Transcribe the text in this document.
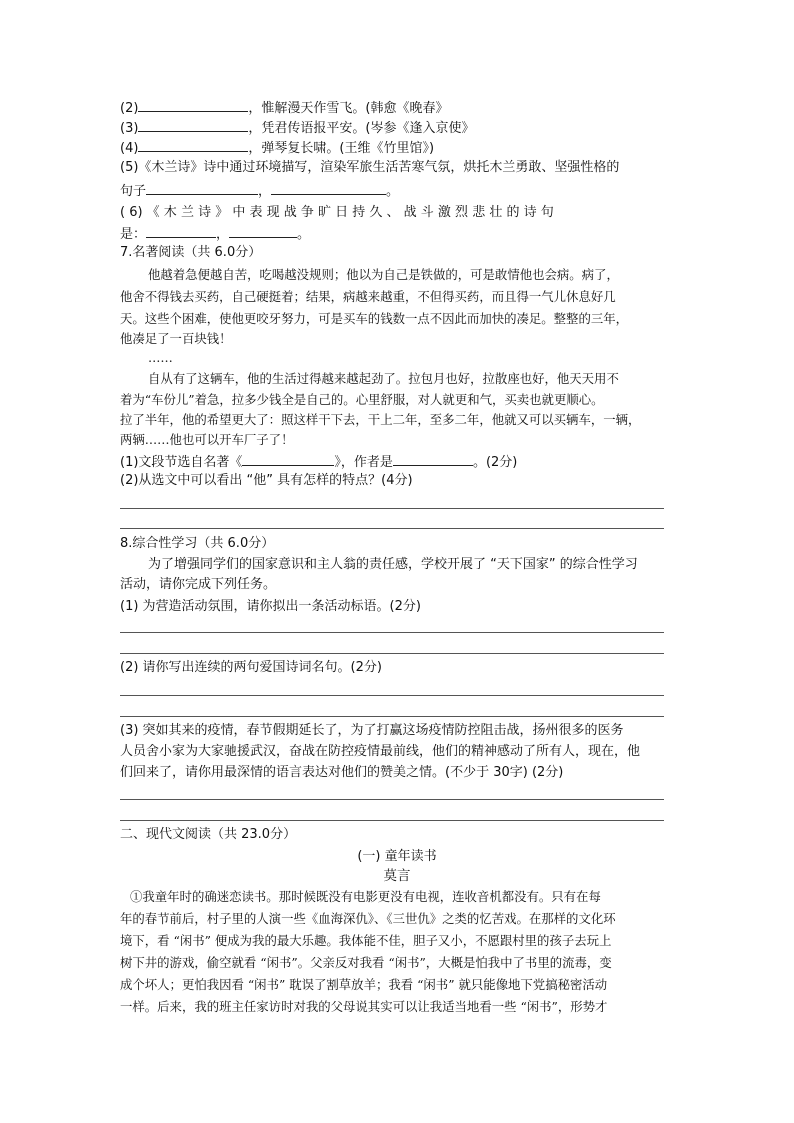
(2)	，惟解漫天作雪飞。(韩愈《晚春》
(3)	，凭君传语报平安。(岑参《逢入京使》
(4)	，弹琴复长啸。(王维《竹里馆》)
(5)《木兰诗》诗中通过环境描写，渲染军旅生活苦寒气氛，烘托木兰勇敢、坚强性格的
句子	，	。
( 6) 《 木 兰 诗 》 中 表 现 战 争 旷 日 持 久 、 战 斗 激 烈 悲 壮 的 诗 句
是：	，	。
7.名著阅读（共 6.0分）
他越着急便越自苦，吃喝越没规则；他以为自己是铁做的，可是敢情他也会病。病了，
他舍不得钱去买药，自己硬挺着；结果，病越来越重，不但得买药，而且得一气儿休息好几
天。这些个困难，使他更咬牙努力，可是买车的钱数一点不因此而加快的凑足。整整的三年，
他凑足了一百块钱！
……
自从有了这辆车，他的生活过得越来越起劲了。拉包月也好，拉散座也好，他天天用不
着为“车份儿”着急，拉多少钱全是自己的。心里舒服，对人就更和气，买卖也就更顺心。
拉了半年，他的希望更大了：照这样干下去，干上二年，至多二年，他就又可以买辆车，一辆，
两辆……他也可以开车厂子了！
(1)文段节选自名著《	》，作者是	。(2分)
(2)从选文中可以看出 “他” 具有怎样的特点？(4分)
8.综合性学习（共 6.0分）
为了增强同学们的国家意识和主人翁的责任感，学校开展了 “天下国家” 的综合性学习
活动，请你完成下列任务。
(1) 为营造活动氛围，请你拟出一条活动标语。(2分)
(2) 请你写出连续的两句爱国诗词名句。(2分)
(3) 突如其来的疫情，春节假期延长了，为了打赢这场疫情防控阻击战，扬州很多的医务
人员舍小家为大家驰援武汉，奋战在防控疫情最前线，他们的精神感动了所有人，现在，他
们回来了，请你用最深情的语言表达对他们的赞美之情。(不少于 30字) (2分)
二、现代文阅读（共 23.0分）
(一) 童年读书
莫言
①我童年时的确迷恋读书。那时候既没有电影更没有电视，连收音机都没有。只有在每
年的春节前后，村子里的人演一些《血海深仇》、《三世仇》之类的忆苦戏。在那样的文化环
境下，看 “闲书” 便成为我的最大乐趣。我体能不佳，胆子又小，不愿跟村里的孩子去玩上
树下井的游戏，偷空就看 “闲书”。父亲反对我看 “闲书”，大概是怕我中了书里的流毒，变
成个坏人；更怕我因看 “闲书” 耽误了割草放羊；我看 “闲书” 就只能像地下党搞秘密活动
一样。后来，我的班主任家访时对我的父母说其实可以让我适当地看一些 “闲书”，形势才
